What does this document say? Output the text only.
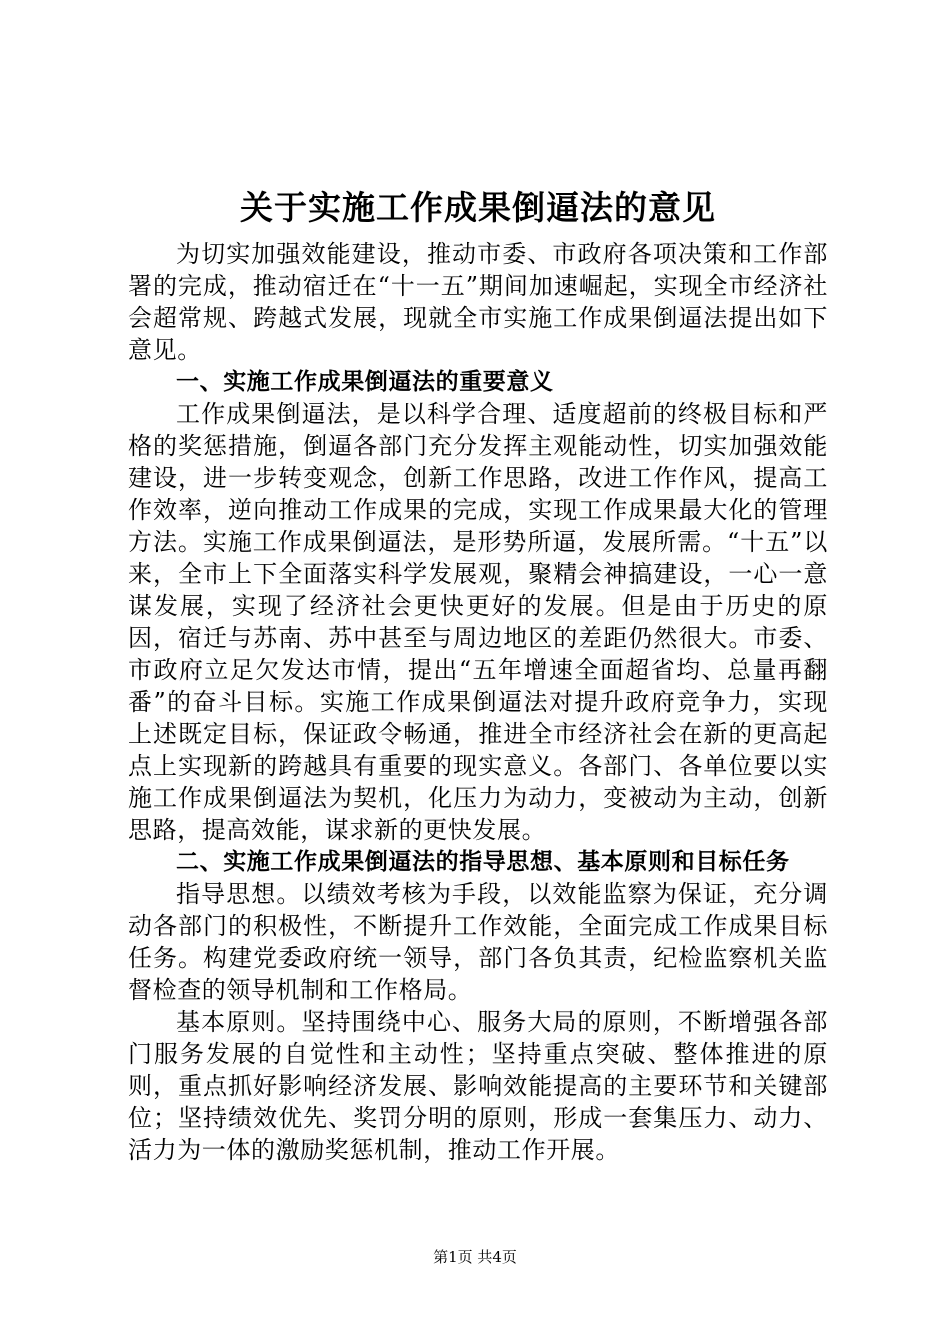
关于实施工作成果倒逼法的意见

为切实加强效能建设，推动市委、市政府各项决策和工作部署的完成，推动宿迁在“十一五”期间加速崛起，实现全市经济社会超常规、跨越式发展，现就全市实施工作成果倒逼法提出如下意见。

一、实施工作成果倒逼法的重要意义

工作成果倒逼法，是以科学合理、适度超前的终极目标和严格的奖惩措施，倒逼各部门充分发挥主观能动性，切实加强效能建设，进一步转变观念，创新工作思路，改进工作作风，提高工作效率，逆向推动工作成果的完成，实现工作成果最大化的管理方法。实施工作成果倒逼法，是形势所逼，发展所需。“十五”以来，全市上下全面落实科学发展观，聚精会神搞建设，一心一意谋发展，实现了经济社会更快更好的发展。但是由于历史的原因，宿迁与苏南、苏中甚至与周边地区的差距仍然很大。市委、市政府立足欠发达市情，提出“五年增速全面超省均、总量再翻番”的奋斗目标。实施工作成果倒逼法对提升政府竞争力，实现上述既定目标，保证政令畅通，推进全市经济社会在新的更高起点上实现新的跨越具有重要的现实意义。各部门、各单位要以实施工作成果倒逼法为契机，化压力为动力，变被动为主动，创新思路，提高效能，谋求新的更快发展。

二、实施工作成果倒逼法的指导思想、基本原则和目标任务

指导思想。以绩效考核为手段，以效能监察为保证，充分调动各部门的积极性，不断提升工作效能，全面完成工作成果目标任务。构建党委政府统一领导，部门各负其责，纪检监察机关监督检查的领导机制和工作格局。

基本原则。坚持围绕中心、服务大局的原则，不断增强各部门服务发展的自觉性和主动性；坚持重点突破、整体推进的原则，重点抓好影响经济发展、影响效能提高的主要环节和关键部位；坚持绩效优先、奖罚分明的原则，形成一套集压力、动力、活力为一体的激励奖惩机制，推动工作开展。

第1页 共4页
